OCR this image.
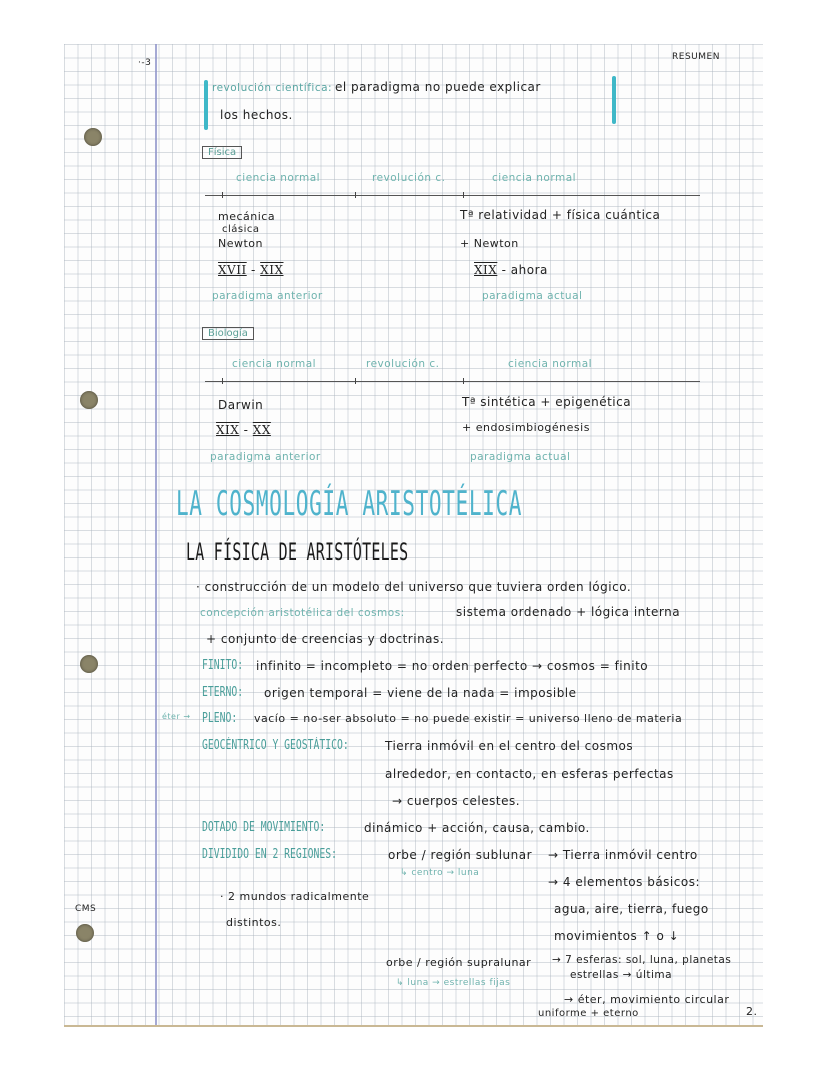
·-3
RESUMEN
CMS
revolución científica: el paradigma no puede explicar
los hechos.
Física
ciencia normal	revolución c.	ciencia normal
mecánica
clásica
Newton
XVII - XIX
paradigma anterior
Tª relatividad + física cuántica
+ Newton
XIX - ahora
paradigma actual
Biología
ciencia normal	revolución c.	ciencia normal
Darwin
XIX - XX
paradigma anterior
Tª sintética + epigenética
+ endosimbiogénesis
paradigma actual
LA COSMOLOGÍA ARISTOTÉLICA
LA FÍSICA DE ARISTÓTELES
· construcción de un modelo del universo que tuviera orden lógico.
concepción aristotélica del cosmos:	sistema ordenado + lógica interna
+ conjunto de creencias y doctrinas.
FINITO: infinito = incompleto = no orden perfecto → cosmos = finito
ETERNO: origen temporal = viene de la nada = imposible
éter → PLENO: vacío = no-ser absoluto = no puede existir = universo lleno de materia
GEOCÉNTRICO Y GEOSTÁTICO:	Tierra inmóvil en el centro del cosmos
alrededor, en contacto, en esferas perfectas
→ cuerpos celestes.
DOTADO DE MOVIMIENTO:	dinámico + acción, causa, cambio.
DIVIDIDO EN 2 REGIONES:	orbe / región sublunar
↳ centro → luna
→ Tierra inmóvil centro
→ 4 elementos básicos:
agua, aire, tierra, fuego
movimientos ↑ o ↓
· 2 mundos radicalmente
distintos.
orbe / región supralunar
↳ luna → estrellas fijas
→ 7 esferas: sol, luna, planetas
estrellas → última
→ éter, movimiento circular
uniforme + eterno	2.
